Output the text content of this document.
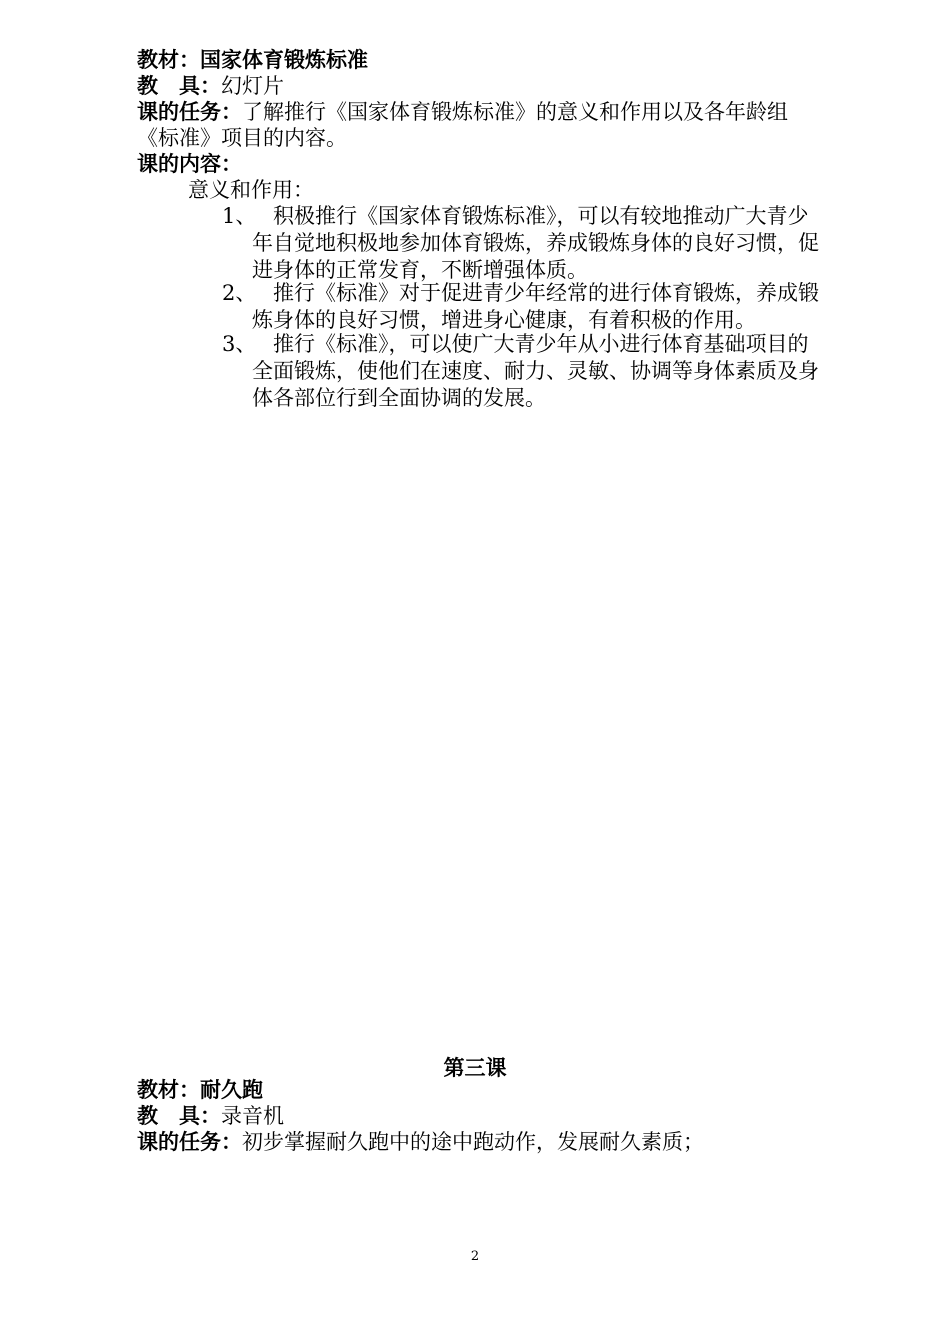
教材：国家体育锻炼标准
教　具：幻灯片
课的任务：了解推行《国家体育锻炼标准》的意义和作用以及各年龄组《标准》项目的内容。
课的内容：
意义和作用：
1、 积极推行《国家体育锻炼标准》，可以有较地推动广大青少年自觉地积极地参加体育锻炼，养成锻炼身体的良好习惯，促进身体的正常发育，不断增强体质。
2、 推行《标准》对于促进青少年经常的进行体育锻炼，养成锻炼身体的良好习惯，增进身心健康，有着积极的作用。
3、 推行《标准》，可以使广大青少年从小进行体育基础项目的全面锻炼，使他们在速度、耐力、灵敏、协调等身体素质及身体各部位行到全面协调的发展。
第三课
教材：耐久跑
教　具：录音机
课的任务：初步掌握耐久跑中的途中跑动作，发展耐久素质；
2
